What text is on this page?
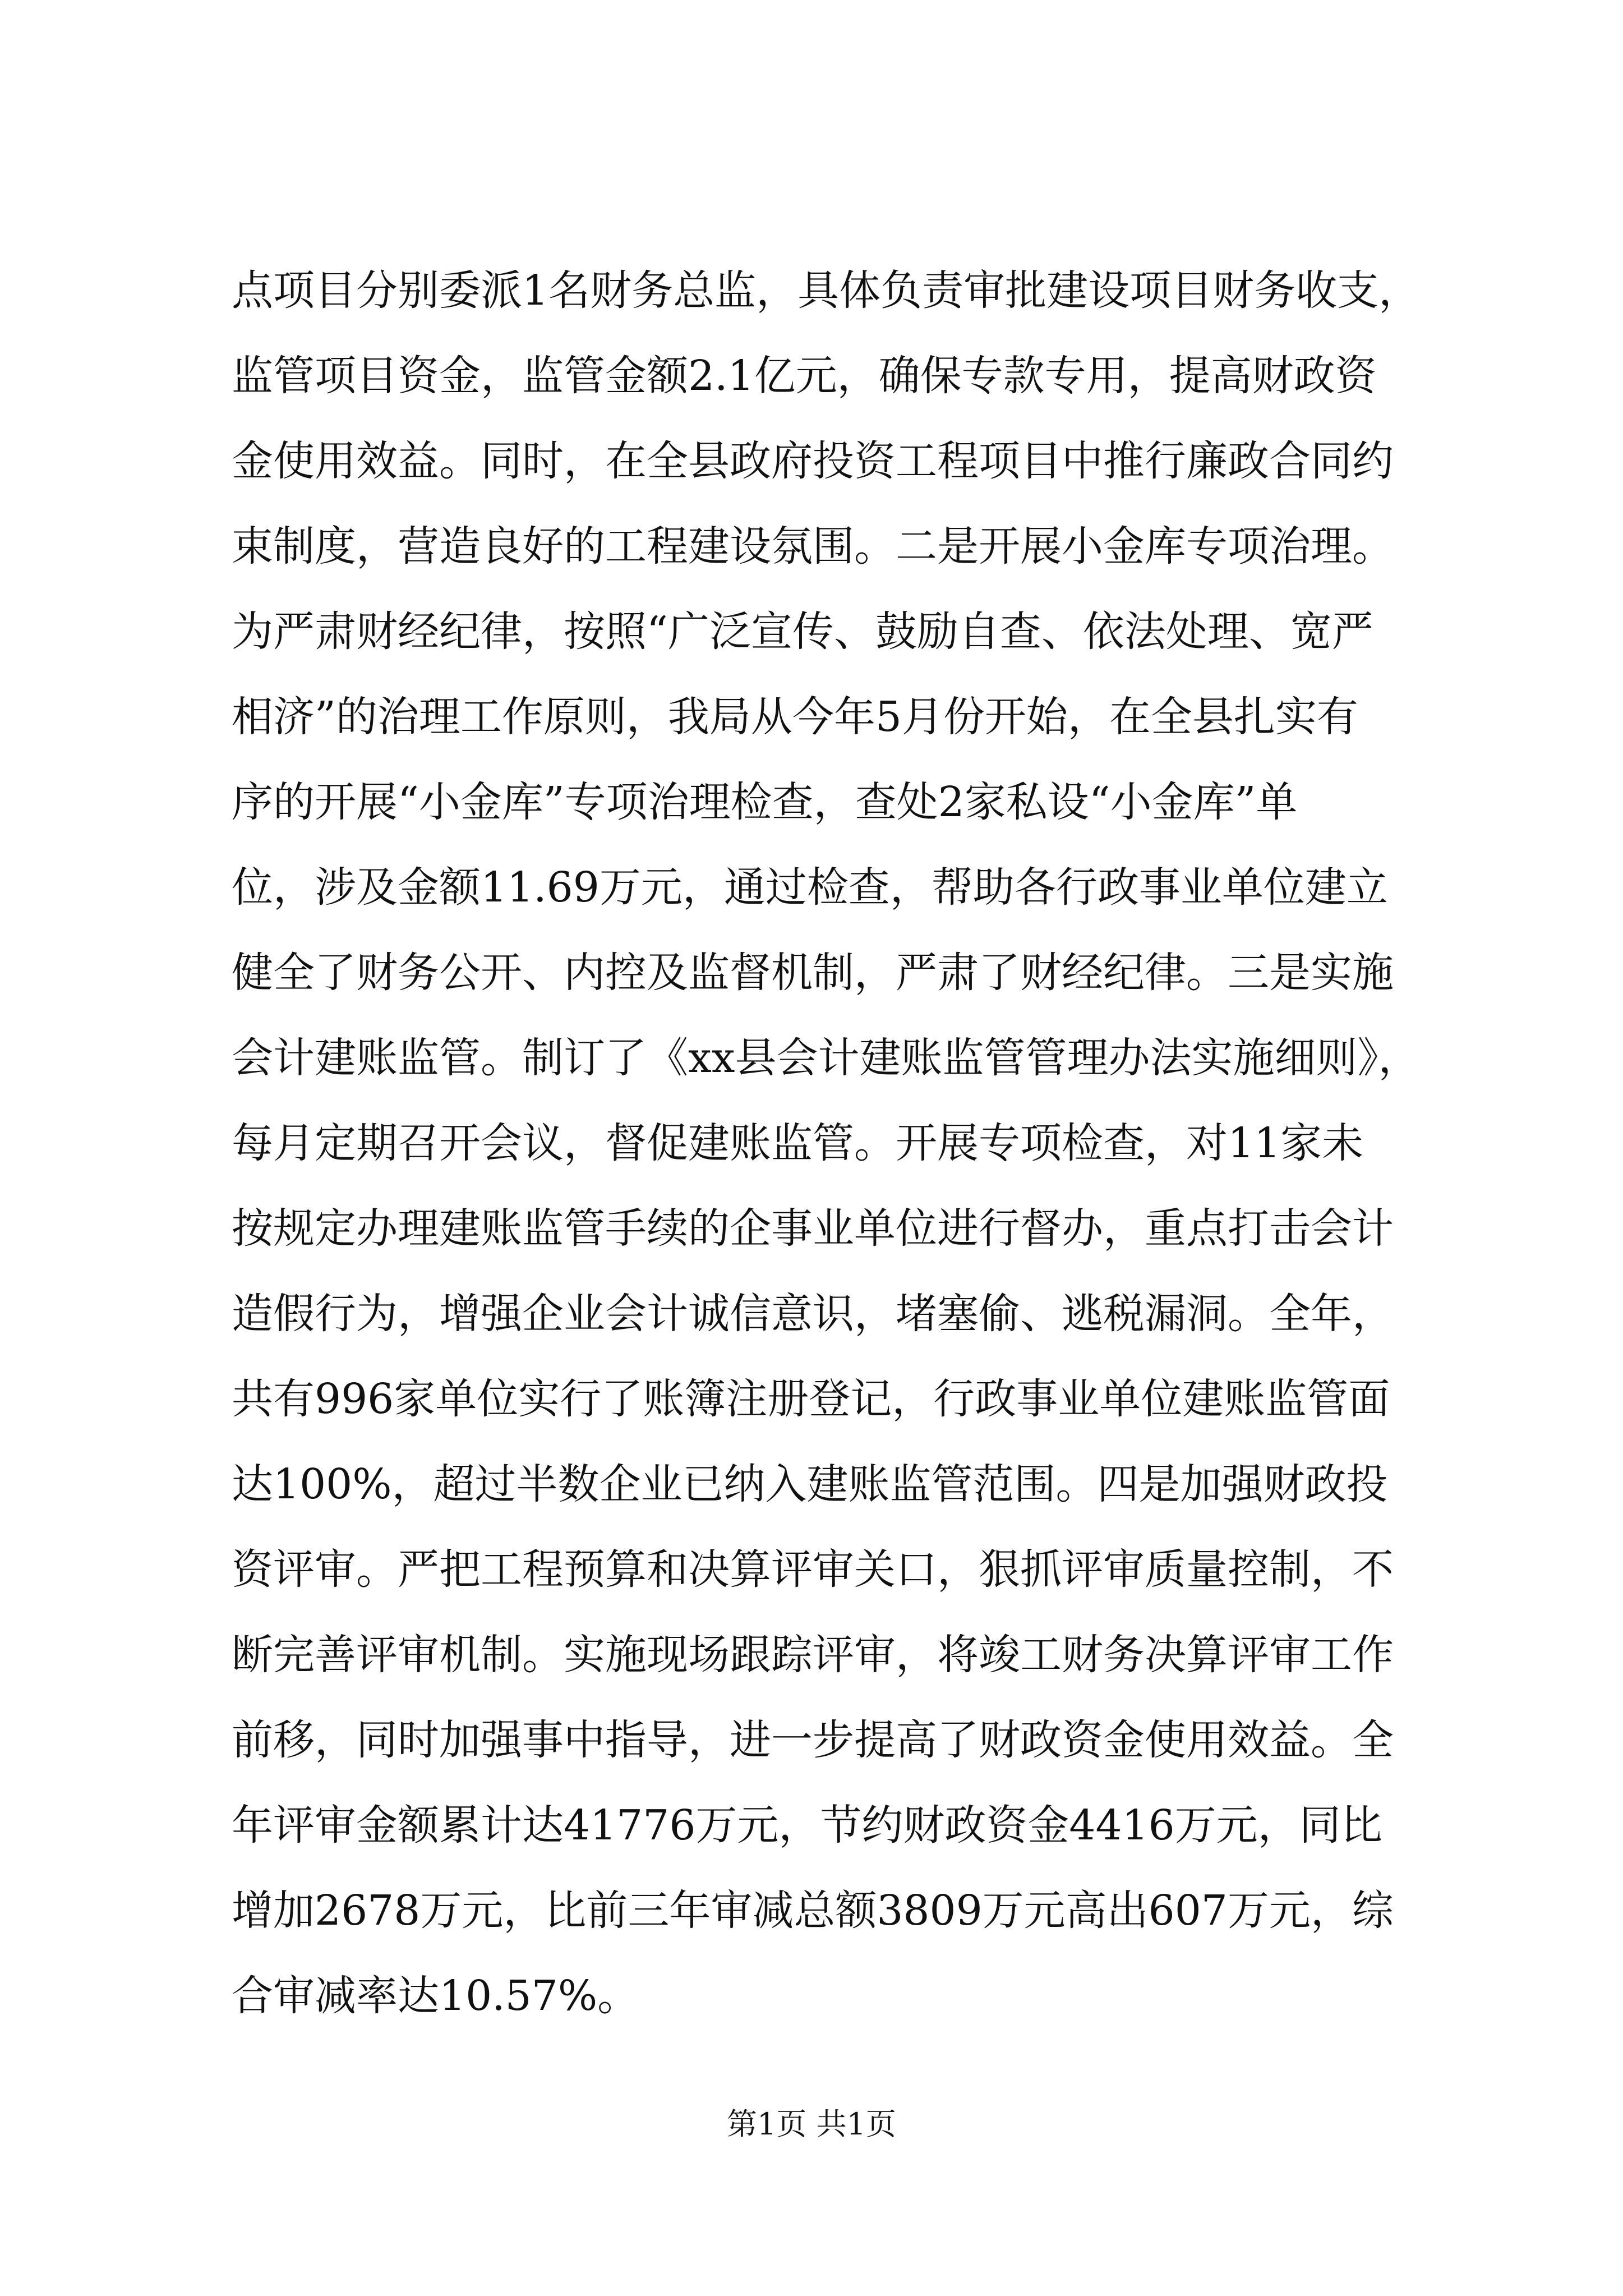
点项目分别委派1名财务总监，具体负责审批建设项目财务收支，
监管项目资金，监管金额2.1亿元，确保专款专用，提高财政资
金使用效益。同时，在全县政府投资工程项目中推行廉政合同约
束制度，营造良好的工程建设氛围。二是开展小金库专项治理。
为严肃财经纪律，按照“广泛宣传、鼓励自查、依法处理、宽严
相济”的治理工作原则，我局从今年5月份开始，在全县扎实有
序的开展“小金库”专项治理检查，查处2家私设“小金库”单
位，涉及金额11.69万元，通过检查，帮助各行政事业单位建立
健全了财务公开、内控及监督机制，严肃了财经纪律。三是实施
会计建账监管。制订了《xx县会计建账监管管理办法实施细则》，
每月定期召开会议，督促建账监管。开展专项检查，对11家未
按规定办理建账监管手续的企事业单位进行督办，重点打击会计
造假行为，增强企业会计诚信意识，堵塞偷、逃税漏洞。全年，
共有996家单位实行了账簿注册登记，行政事业单位建账监管面
达100%，超过半数企业已纳入建账监管范围。四是加强财政投
资评审。严把工程预算和决算评审关口，狠抓评审质量控制，不
断完善评审机制。实施现场跟踪评审，将竣工财务决算评审工作
前移，同时加强事中指导，进一步提高了财政资金使用效益。全
年评审金额累计达41776万元，节约财政资金4416万元，同比
增加2678万元，比前三年审减总额3809万元高出607万元，综
合审减率达10.57%。
第1页 共1页
